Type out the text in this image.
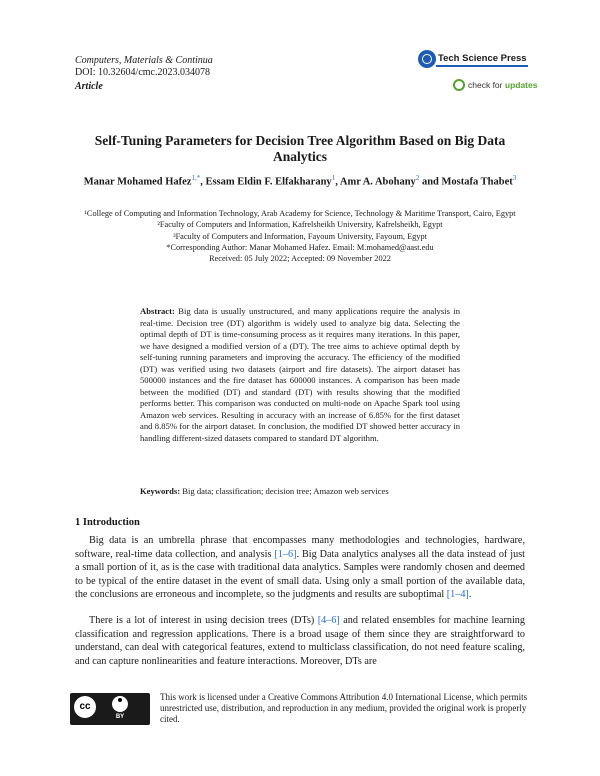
Computers, Materials & Continua
DOI: 10.32604/cmc.2023.034078
Article
Tech Science Press
check for updates
Self-Tuning Parameters for Decision Tree Algorithm Based on Big Data Analytics
Manar Mohamed Hafez$^{1,*}$, Essam Eldin F. Elfakharany$^1$, Amr A. Abohany$^2$ and Mostafa Thabet$^3$
¹College of Computing and Information Technology, Arab Academy for Science, Technology & Maritime Transport, Cairo, Egypt
²Faculty of Computers and Information, Kafrelsheikh University, Kafrelsheikh, Egypt
³Faculty of Computers and Information, Fayoum University, Fayoum, Egypt
*Corresponding Author: Manar Mohamed Hafez. Email: M.mohamed@aast.edu
Received: 05 July 2022; Accepted: 09 November 2022
Abstract: Big data is usually unstructured, and many applications require the analysis in real-time. Decision tree (DT) algorithm is widely used to analyze big data. Selecting the optimal depth of DT is time-consuming process as it requires many iterations. In this paper, we have designed a modified version of a (DT). The tree aims to achieve optimal depth by self-tuning running parameters and improving the accuracy. The efficiency of the modified (DT) was verified using two datasets (airport and fire datasets). The airport dataset has 500000 instances and the fire dataset has 600000 instances. A comparison has been made between the modified (DT) and standard (DT) with results showing that the modified performs better. This comparison was conducted on multi-node on Apache Spark tool using Amazon web services. Resulting in accuracy with an increase of 6.85% for the first dataset and 8.85% for the airport dataset. In conclusion, the modified DT showed better accuracy in handling different-sized datasets compared to standard DT algorithm.
Keywords: Big data; classification; decision tree; Amazon web services
1 Introduction
Big data is an umbrella phrase that encompasses many methodologies and technologies, hardware, software, real-time data collection, and analysis [1–6]. Big Data analytics analyses all the data instead of just a small portion of it, as is the case with traditional data analytics. Samples were randomly chosen and deemed to be typical of the entire dataset in the event of small data. Using only a small portion of the available data, the conclusions are erroneous and incomplete, so the judgments and results are suboptimal [1–4].
There is a lot of interest in using decision trees (DTs) [4–6] and related ensembles for machine learning classification and regression applications. There is a broad usage of them since they are straightforward to understand, can deal with categorical features, extend to multiclass classification, do not need feature scaling, and can capture nonlinearities and feature interactions. Moreover, DTs are
cc
BY
This work is licensed under a Creative Commons Attribution 4.0 International License, which permits unrestricted use, distribution, and reproduction in any medium, provided the original work is properly cited.
